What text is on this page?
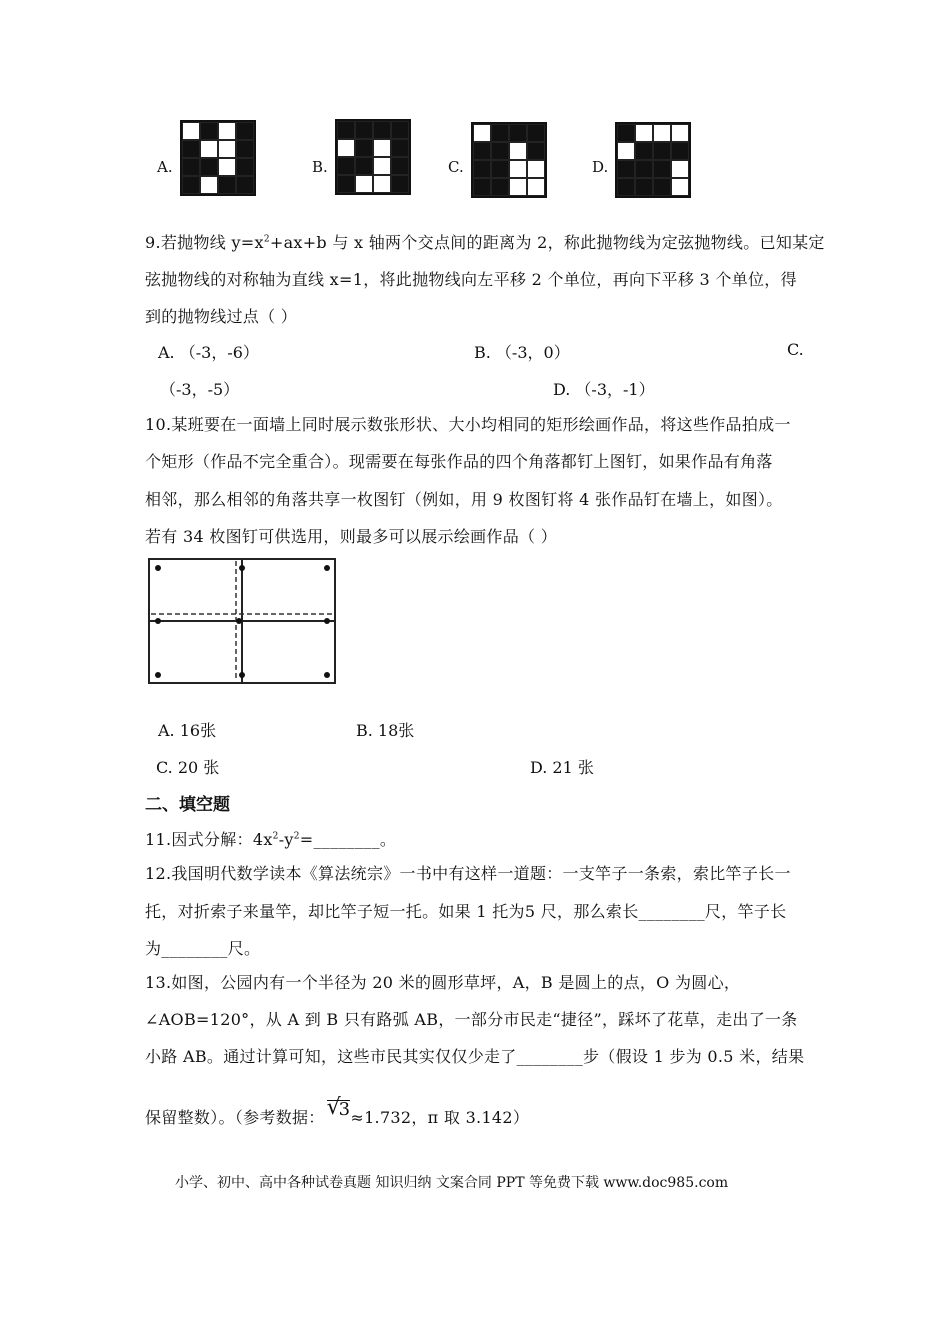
A.	B.	C.	D.
9.若抛物线 $y=x^2+ax+b$ 与 x 轴两个交点间的距离为 2，称此抛物线为定弦抛物线。已知某定
弦抛物线的对称轴为直线 x=1，将此抛物线向左平移 2 个单位，再向下平移 3 个单位，得
到的抛物线过点（ ）
A. （-3，-6）	B. （-3，0）	C.
（-3，-5）	D. （-3，-1）
10.某班要在一面墙上同时展示数张形状、大小均相同的矩形绘画作品，将这些作品拍成一
个矩形（作品不完全重合）。现需要在每张作品的四个角落都钉上图钉，如果作品有角落
相邻，那么相邻的角落共享一枚图钉（例如，用 9 枚图钉将 4 张作品钉在墙上，如图）。
若有 34 枚图钉可供选用，则最多可以展示绘画作品（ ）
A. 16张	B. 18张
C. 20 张	D. 21 张
二、填空题
11.因式分解：$4x^2-y^2=\_\_\_\_\_\_\_\_$。
12.我国明代数学读本《算法统宗》一书中有这样一道题：一支竿子一条索，索比竿子长一
托，对折索子来量竿，却比竿子短一托。如果 1 托为5 尺，那么索长________尺，竿子长
为________尺。
13.如图，公园内有一个半径为 20 米的圆形草坪，A，B 是圆上的点，O 为圆心，
∠AOB=120°，从 A 到 B 只有路弧 AB，一部分市民走“捷径”，踩坏了花草，走出了一条
小路 AB。通过计算可知，这些市民其实仅仅少走了________步（假设 1 步为 0.5 米，结果
保留整数）。（参考数据： √
3≈1.732，π 取 3.142）
小学、初中、高中各种试卷真题 知识归纳 文案合同 PPT 等免费下载 www.doc985.com
